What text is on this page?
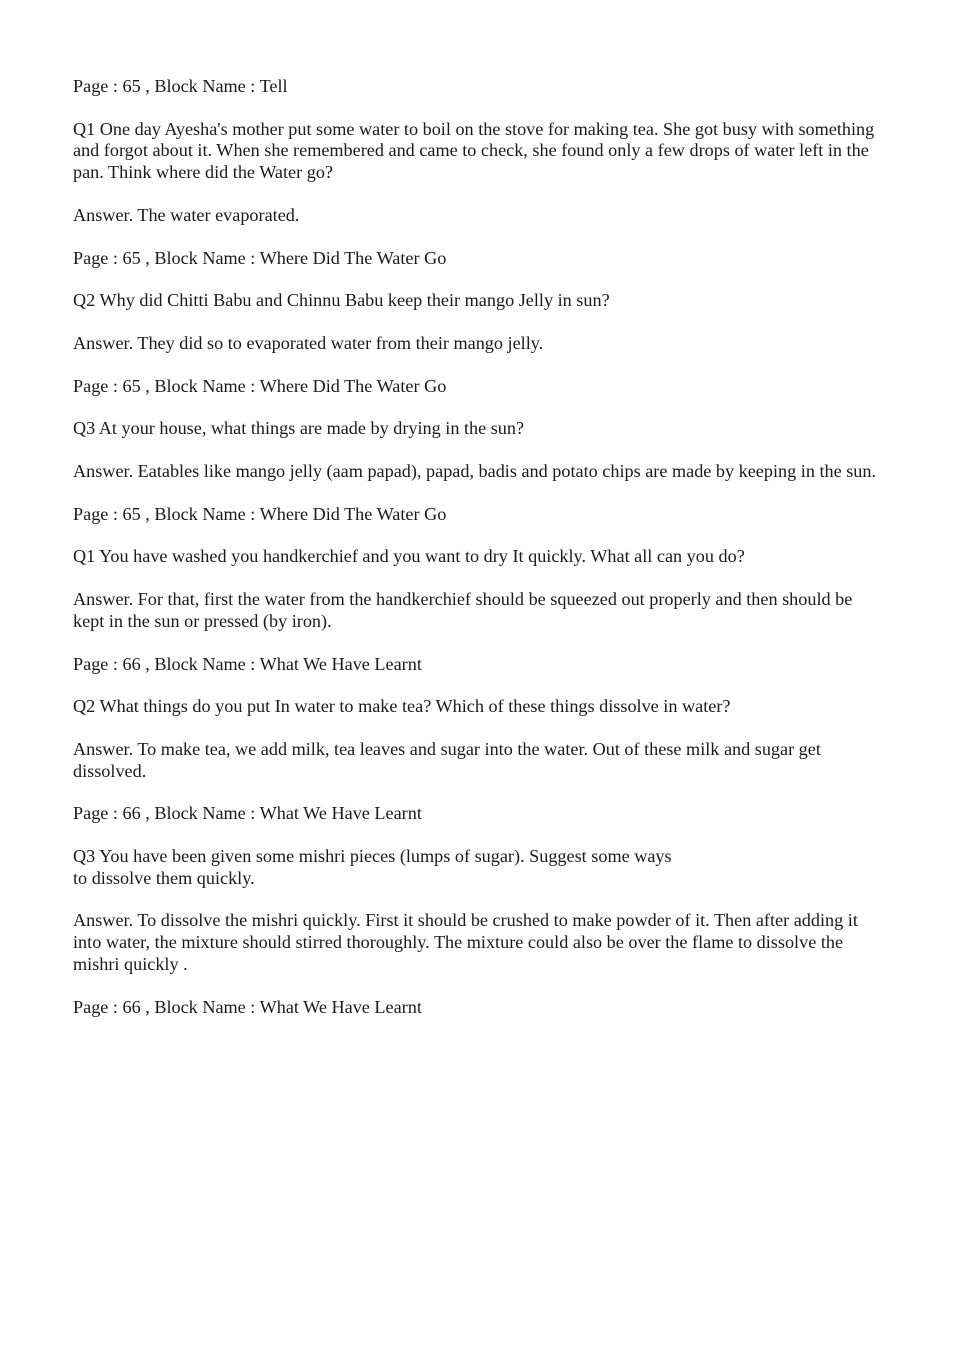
Page : 65 , Block Name : Tell

Q1 One day Ayesha's mother put some water to boil on the stove for making tea. She got busy with something and forgot about it. When she remembered and came to check, she found only a few drops of water left in the pan. Think where did the Water go?

Answer. The water evaporated.

Page : 65 , Block Name : Where Did The Water Go

Q2 Why did Chitti Babu and Chinnu Babu keep their mango Jelly in sun?

Answer. They did so to evaporated water from their mango jelly.

Page : 65 , Block Name : Where Did The Water Go

Q3 At your house, what things are made by drying in the sun?

Answer. Eatables like mango jelly (aam papad), papad, badis and potato chips are made by keeping in the sun.

Page : 65 , Block Name : Where Did The Water Go

Q1 You have washed you handkerchief and you want to dry It quickly. What all can you do?

Answer. For that, first the water from the handkerchief should be squeezed out properly and then should be kept in the sun or pressed (by iron).

Page : 66 , Block Name : What We Have Learnt

Q2 What things do you put In water to make tea? Which of these things dissolve in water?

Answer. To make tea, we add milk, tea leaves and sugar into the water. Out of these milk and sugar get dissolved.

Page : 66 , Block Name : What We Have Learnt

Q3 You have been given some mishri pieces (lumps of sugar). Suggest some ways
to dissolve them quickly.

Answer. To dissolve the mishri quickly. First it should be crushed to make powder of it. Then after adding it into water, the mixture should stirred thoroughly. The mixture could also be over the flame to dissolve the mishri quickly .

Page : 66 , Block Name : What We Have Learnt
